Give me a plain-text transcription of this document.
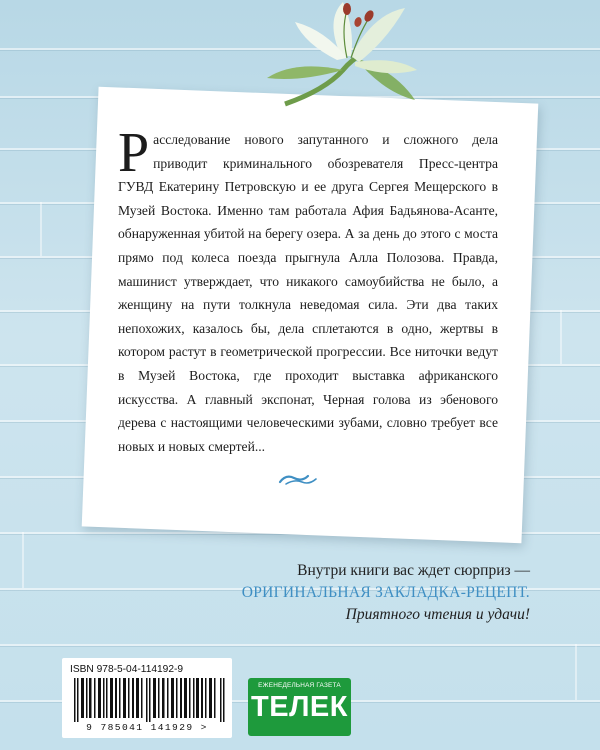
Расследование нового запутанного и сложного дела приводит криминального обозревателя Пресс-центра ГУВД Екатерину Петровскую и ее друга Сергея Мещерского в Музей Востока. Именно там работала Афия Бадьянова-Асанте, обнаруженная убитой на берегу озера. А за день до этого с моста прямо под колеса поезда прыгнула Алла Полозова. Правда, машинист утверждает, что никакого самоубийства не было, а женщину на пути толкнула неведомая сила. Эти два таких непохожих, казалось бы, дела сплетаются в одно, жертвы в котором растут в геометрической прогрессии. Все ниточки ведут в Музей Востока, где проходит выставка африканского искусства. А главный экспонат, Черная голова из эбенового дерева с настоящими человеческими зубами, словно требует все новых и новых смертей...

Внутри книги вас ждет сюрприз —

ОРИГИНАЛЬНАЯ ЗАКЛАДКА-РЕЦЕПТ.

Приятного чтения и удачи!

ISBN 978-5-04-114192-9
9 785041 141929 >
ЕЖЕНЕДЕЛЬНАЯ ГАЗЕТА
ТЕЛЕК
